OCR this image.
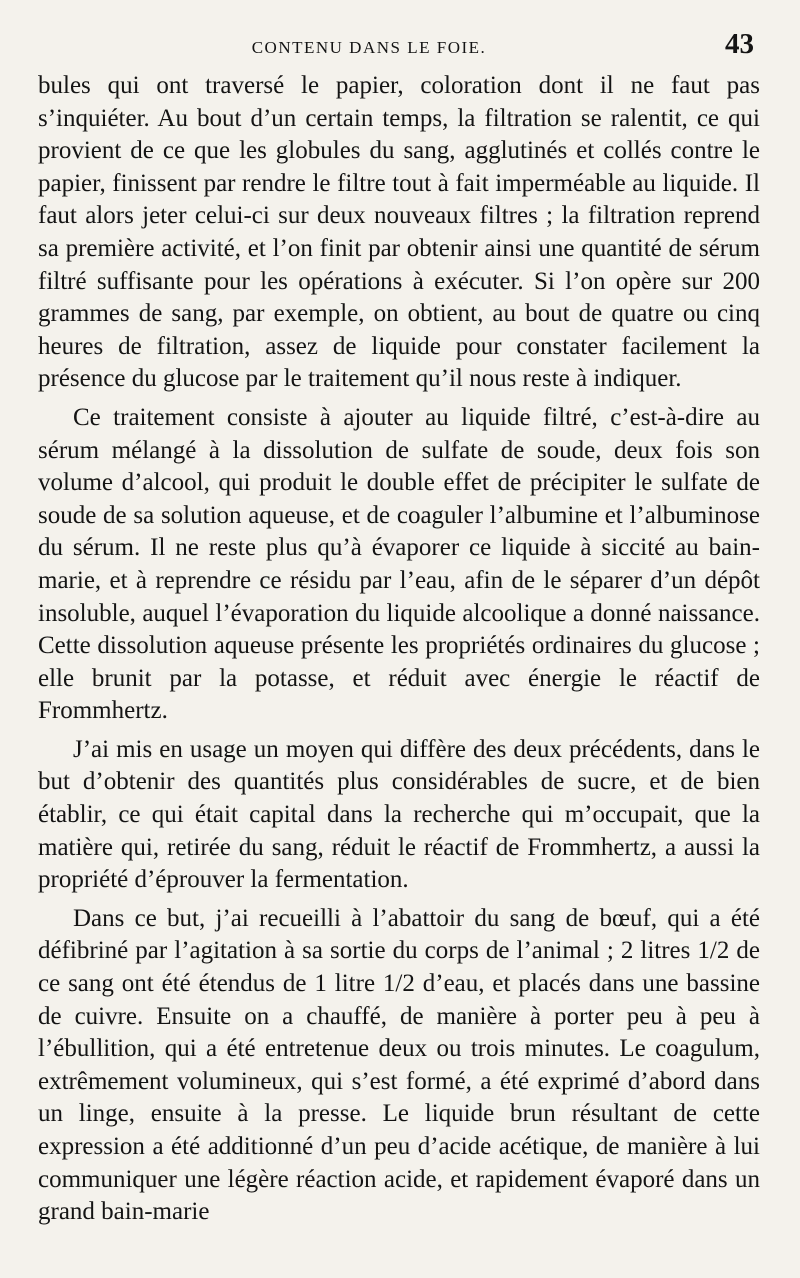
CONTENU DANS LE FOIE.	43

bules qui ont traversé le papier, coloration dont il ne faut pas s’inquiéter. Au bout d’un certain temps, la filtration se ralentit, ce qui provient de ce que les globules du sang, agglutinés et collés contre le papier, finissent par rendre le filtre tout à fait imperméable au liquide. Il faut alors jeter celui-ci sur deux nouveaux filtres ; la filtration reprend sa première activité, et l’on finit par obtenir ainsi une quantité de sérum filtré suffisante pour les opérations à exécuter. Si l’on opère sur 200 grammes de sang, par exemple, on obtient, au bout de quatre ou cinq heures de filtration, assez de liquide pour constater facilement la présence du glucose par le traitement qu’il nous reste à indiquer.

Ce traitement consiste à ajouter au liquide filtré, c’est-à-dire au sérum mélangé à la dissolution de sulfate de soude, deux fois son volume d’alcool, qui produit le double effet de précipiter le sulfate de soude de sa solution aqueuse, et de coaguler l’albumine et l’albuminose du sérum. Il ne reste plus qu’à évaporer ce liquide à siccité au bain-marie, et à reprendre ce résidu par l’eau, afin de le séparer d’un dépôt insoluble, auquel l’évaporation du liquide alcoolique a donné naissance. Cette dissolution aqueuse présente les propriétés ordinaires du glucose ; elle brunit par la potasse, et réduit avec énergie le réactif de Frommhertz.

J’ai mis en usage un moyen qui diffère des deux précédents, dans le but d’obtenir des quantités plus considérables de sucre, et de bien établir, ce qui était capital dans la recherche qui m’occupait, que la matière qui, retirée du sang, réduit le réactif de Frommhertz, a aussi la propriété d’éprouver la fermentation.

Dans ce but, j’ai recueilli à l’abattoir du sang de bœuf, qui a été défibriné par l’agitation à sa sortie du corps de l’animal ; 2 litres 1/2 de ce sang ont été étendus de 1 litre 1/2 d’eau, et placés dans une bassine de cuivre. Ensuite on a chauffé, de manière à porter peu à peu à l’ébullition, qui a été entretenue deux ou trois minutes. Le coagulum, extrêmement volumineux, qui s’est formé, a été exprimé d’abord dans un linge, ensuite à la presse. Le liquide brun résultant de cette expression a été additionné d’un peu d’acide acétique, de manière à lui communiquer une légère réaction acide, et rapidement évaporé dans un grand bain-marie
